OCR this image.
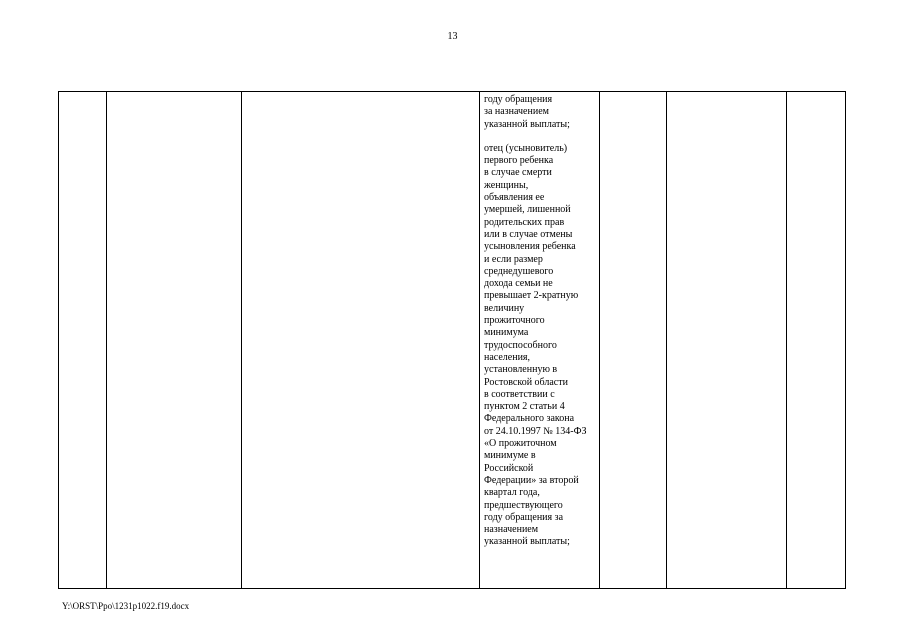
13

году обращения
за назначением
указанной выплаты;

отец (усыновитель)
первого ребенка
в случае смерти
женщины,
объявления ее
умершей, лишенной
родительских прав
или в случае отмены
усыновления ребенка
и если размер
среднедушевого
дохода семьи не
превышает 2-кратную
величину
прожиточного
минимума
трудоспособного
населения,
установленную в
Ростовской области
в соответствии с
пунктом 2 статьи 4
Федерального закона
от 24.10.1997 № 134-ФЗ
«О прожиточном
минимуме в
Российской
Федерации» за второй
квартал года,
предшествующего
году обращения за
назначением
указанной выплаты;

Y:\ORST\Ppo\1231p1022.f19.docx
